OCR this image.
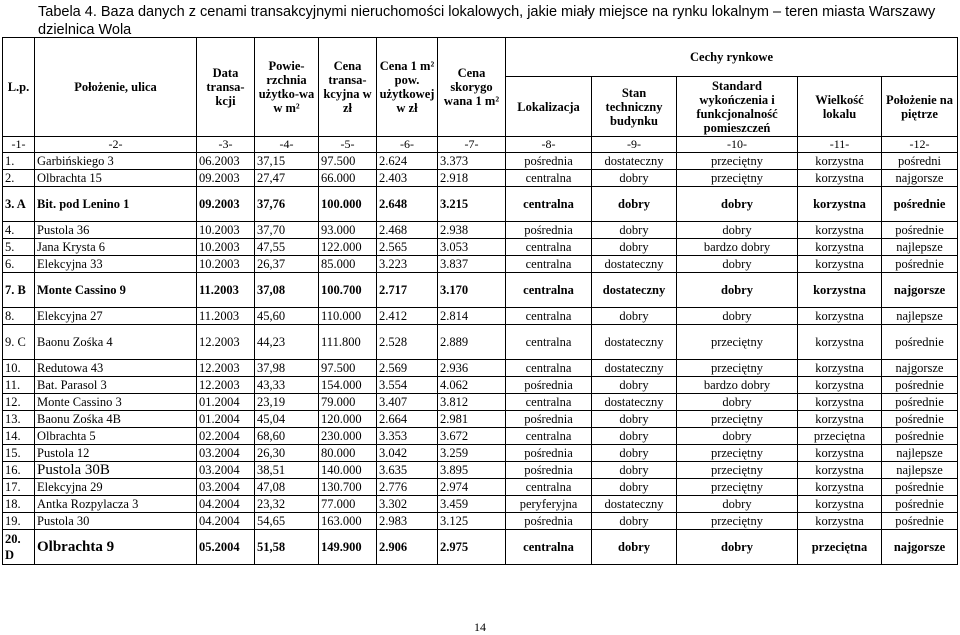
Tabela 4. Baza danych z cenami transakcyjnymi nieruchomości lokalowych, jakie miały miejsce na rynku lokalnym – teren miasta Warszawy dzielnica Wola
L.p.	Położenie, ulica	Data transa-kcji	Powie-rzchnia użytko-wa w m²	Cena transa-kcyjna w zł	Cena 1 m² pow. użytkowej w zł	Cena skorygo wana 1 m²	Cechy rynkowe				
							Lokalizacja	Stan techniczny budynku	Standard wykończenia i funkcjonalność pomieszczeń	Wielkość lokalu	Położenie na piętrze
-1-	-2-	-3-	-4-	-5-	-6-	-7-	-8-	-9-	-10-	-11-	-12-
1.	Garbińskiego 3	06.2003	37,15	97.500	2.624	3.373	pośrednia	dostateczny	przeciętny	korzystna	pośredni
2.	Olbrachta 15	09.2003	27,47	66.000	2.403	2.918	centralna	dobry	przeciętny	korzystna	najgorsze
3. A	Bit. pod Lenino 1	09.2003	37,76	100.000	2.648	3.215	centralna	dobry	dobry	korzystna	pośrednie
4.	Pustola 36	10.2003	37,70	93.000	2.468	2.938	pośrednia	dobry	dobry	korzystna	pośrednie
5.	Jana Krysta 6	10.2003	47,55	122.000	2.565	3.053	centralna	dobry	bardzo dobry	korzystna	najlepsze
6.	Elekcyjna 33	10.2003	26,37	85.000	3.223	3.837	centralna	dostateczny	dobry	korzystna	pośrednie
7. B	Monte Cassino 9	11.2003	37,08	100.700	2.717	3.170	centralna	dostateczny	dobry	korzystna	najgorsze
8.	Elekcyjna 27	11.2003	45,60	110.000	2.412	2.814	centralna	dobry	dobry	korzystna	najlepsze
9. C	Baonu Zośka 4	12.2003	44,23	111.800	2.528	2.889	centralna	dostateczny	przeciętny	korzystna	pośrednie
10.	Redutowa 43	12.2003	37,98	97.500	2.569	2.936	centralna	dostateczny	przeciętny	korzystna	najgorsze
11.	Bat. Parasol 3	12.2003	43,33	154.000	3.554	4.062	pośrednia	dobry	bardzo dobry	korzystna	pośrednie
12.	Monte Cassino 3	01.2004	23,19	79.000	3.407	3.812	centralna	dostateczny	dobry	korzystna	pośrednie
13.	Baonu Zośka 4B	01.2004	45,04	120.000	2.664	2.981	pośrednia	dobry	przeciętny	korzystna	pośrednie
14.	Olbrachta 5	02.2004	68,60	230.000	3.353	3.672	centralna	dobry	dobry	przeciętna	pośrednie
15.	Pustola 12	03.2004	26,30	80.000	3.042	3.259	pośrednia	dobry	przeciętny	korzystna	najlepsze
16.	Pustola 30B	03.2004	38,51	140.000	3.635	3.895	pośrednia	dobry	przeciętny	korzystna	najlepsze
17.	Elekcyjna 29	03.2004	47,08	130.700	2.776	2.974	centralna	dobry	przeciętny	korzystna	pośrednie
18.	Antka Rozpylacza 3	04.2004	23,32	77.000	3.302	3.459	peryferyjna	dostateczny	dobry	korzystna	pośrednie
19.	Pustola 30	04.2004	54,65	163.000	2.983	3.125	pośrednia	dobry	przeciętny	korzystna	pośrednie
20. D	Olbrachta 9	05.2004	51,58	149.900	2.906	2.975	centralna	dobry	dobry	przeciętna	najgorsze
14
